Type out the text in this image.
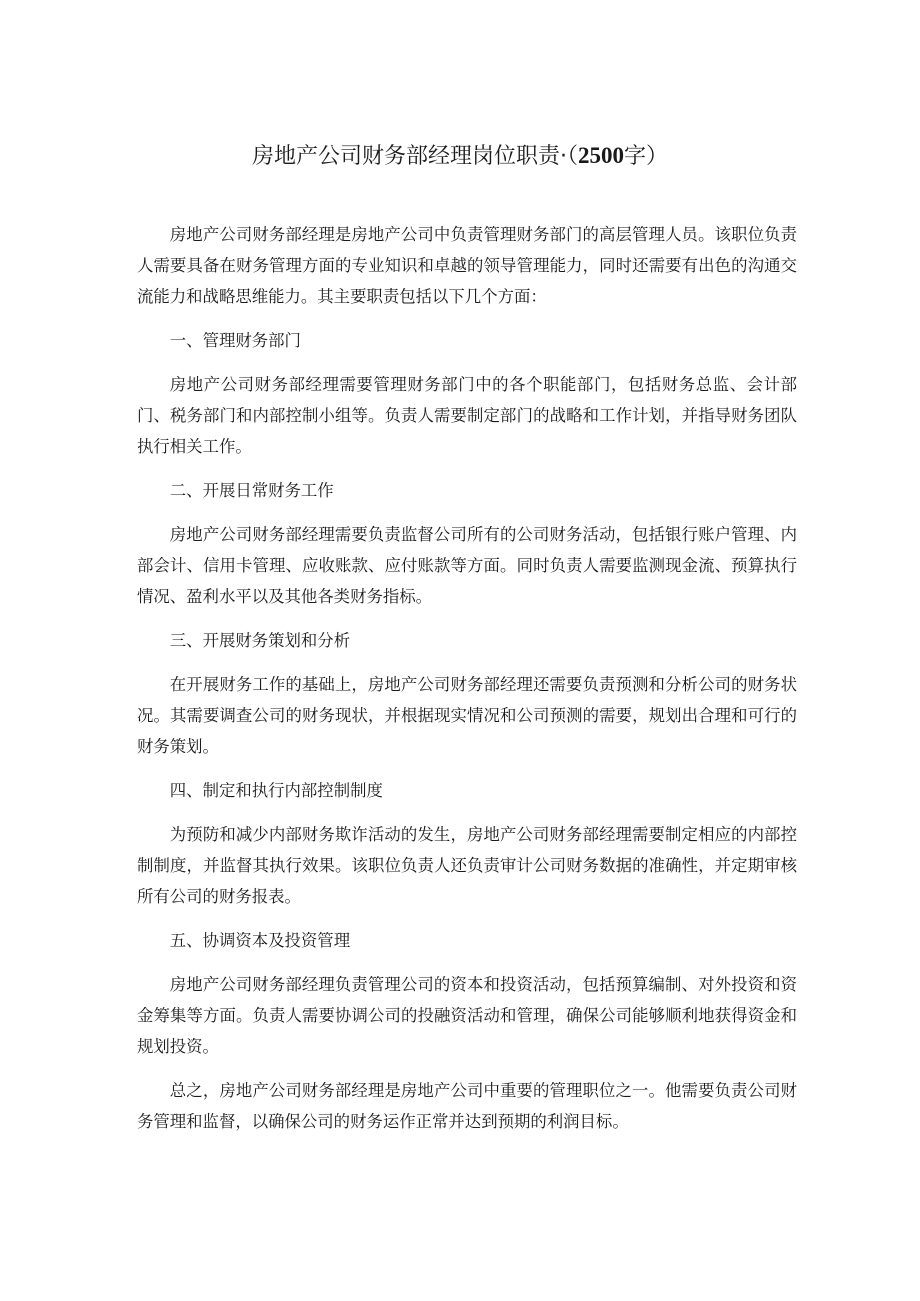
房地产公司财务部经理岗位职责·（2500字）

房地产公司财务部经理是房地产公司中负责管理财务部门的高层管理人员。该职位负责人需要具备在财务管理方面的专业知识和卓越的领导管理能力，同时还需要有出色的沟通交流能力和战略思维能力。其主要职责包括以下几个方面：

一、管理财务部门

房地产公司财务部经理需要管理财务部门中的各个职能部门，包括财务总监、会计部门、税务部门和内部控制小组等。负责人需要制定部门的战略和工作计划，并指导财务团队执行相关工作。

二、开展日常财务工作

房地产公司财务部经理需要负责监督公司所有的公司财务活动，包括银行账户管理、内部会计、信用卡管理、应收账款、应付账款等方面。同时负责人需要监测现金流、预算执行情况、盈利水平以及其他各类财务指标。

三、开展财务策划和分析

在开展财务工作的基础上，房地产公司财务部经理还需要负责预测和分析公司的财务状况。其需要调查公司的财务现状，并根据现实情况和公司预测的需要，规划出合理和可行的财务策划。

四、制定和执行内部控制制度

为预防和减少内部财务欺诈活动的发生，房地产公司财务部经理需要制定相应的内部控制制度，并监督其执行效果。该职位负责人还负责审计公司财务数据的准确性，并定期审核所有公司的财务报表。

五、协调资本及投资管理

房地产公司财务部经理负责管理公司的资本和投资活动，包括预算编制、对外投资和资金筹集等方面。负责人需要协调公司的投融资活动和管理，确保公司能够顺利地获得资金和规划投资。

总之，房地产公司财务部经理是房地产公司中重要的管理职位之一。他需要负责公司财务管理和监督，以确保公司的财务运作正常并达到预期的利润目标。
